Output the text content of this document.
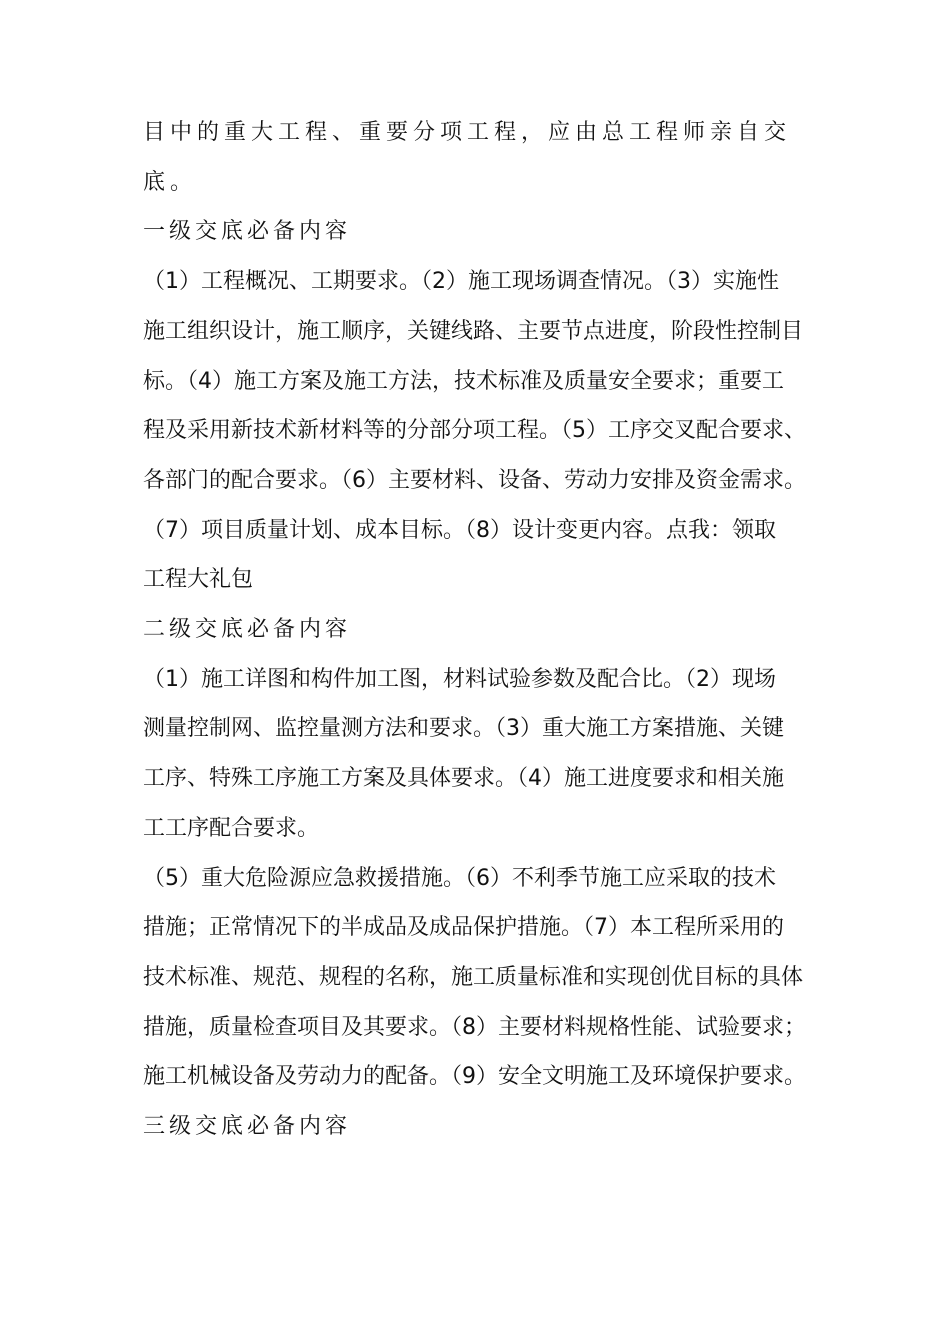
目中的重大工程、重要分项工程，应由总工程师亲自交
底。
一级交底必备内容
（1）工程概况、工期要求。（2）施工现场调查情况。（3）实施性
施工组织设计，施工顺序，关键线路、主要节点进度，阶段性控制目
标。（4）施工方案及施工方法，技术标准及质量安全要求；重要工
程及采用新技术新材料等的分部分项工程。（5）工序交叉配合要求、
各部门的配合要求。（6）主要材料、设备、劳动力安排及资金需求。
（7）项目质量计划、成本目标。（8）设计变更内容。点我：领取
工程大礼包
二级交底必备内容
（1）施工详图和构件加工图，材料试验参数及配合比。（2）现场
测量控制网、监控量测方法和要求。（3）重大施工方案措施、关键
工序、特殊工序施工方案及具体要求。（4）施工进度要求和相关施
工工序配合要求。
（5）重大危险源应急救援措施。（6）不利季节施工应采取的技术
措施；正常情况下的半成品及成品保护措施。（7）本工程所采用的
技术标准、规范、规程的名称，施工质量标准和实现创优目标的具体
措施，质量检查项目及其要求。（8）主要材料规格性能、试验要求；
施工机械设备及劳动力的配备。（9）安全文明施工及环境保护要求。
三级交底必备内容
